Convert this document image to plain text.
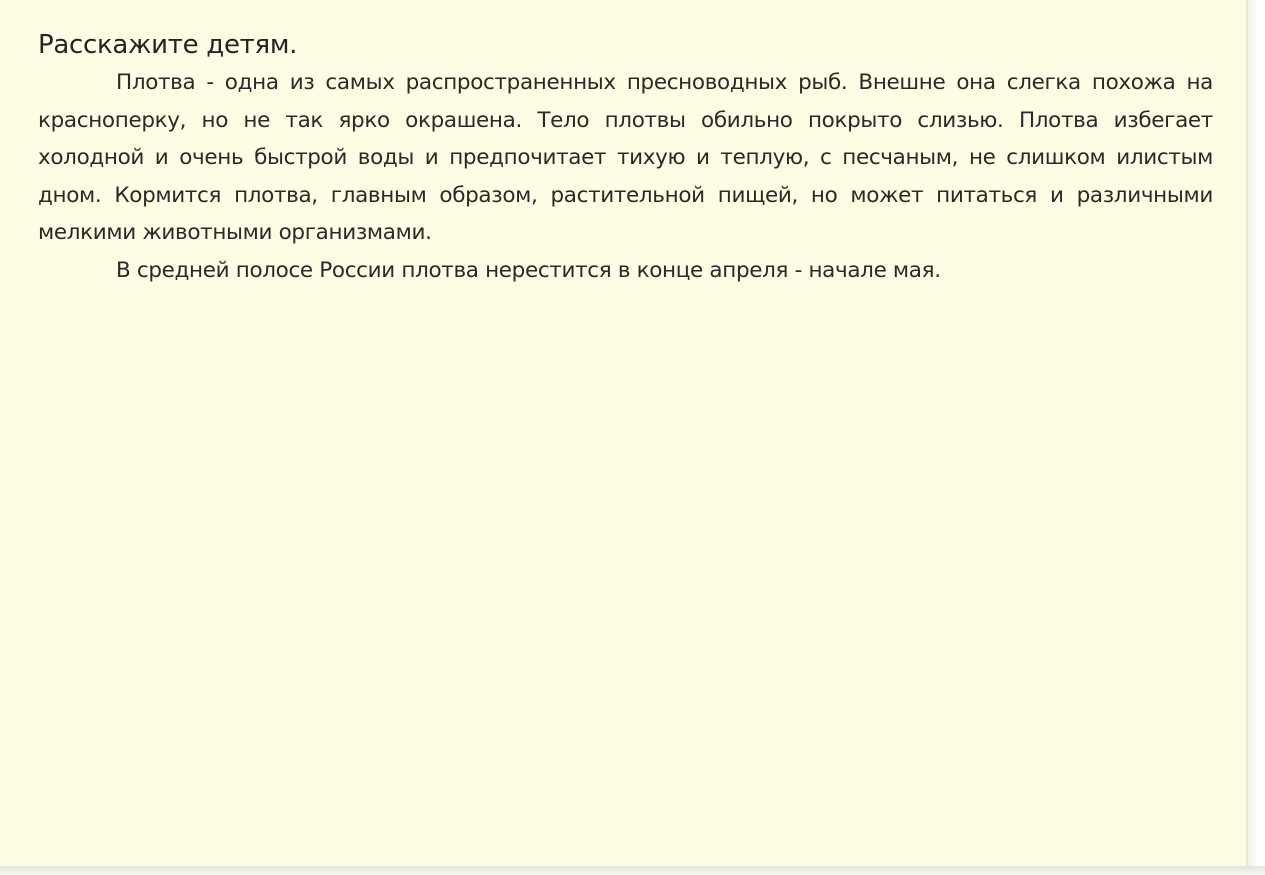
Расскажите детям.

Плотва - одна из самых распространенных пресноводных рыб. Внешне она слегка похожа на красноперку, но не так ярко окрашена. Тело плотвы обильно покрыто слизью. Плотва избегает холодной и очень быстрой воды и предпочитает тихую и теплую, с песчаным, не слишком илистым дном. Кормится плотва, главным образом, растительной пищей, но может питаться и различными мелкими животными организмами.

В средней полосе России плотва нерестится в конце апреля - начале мая.
